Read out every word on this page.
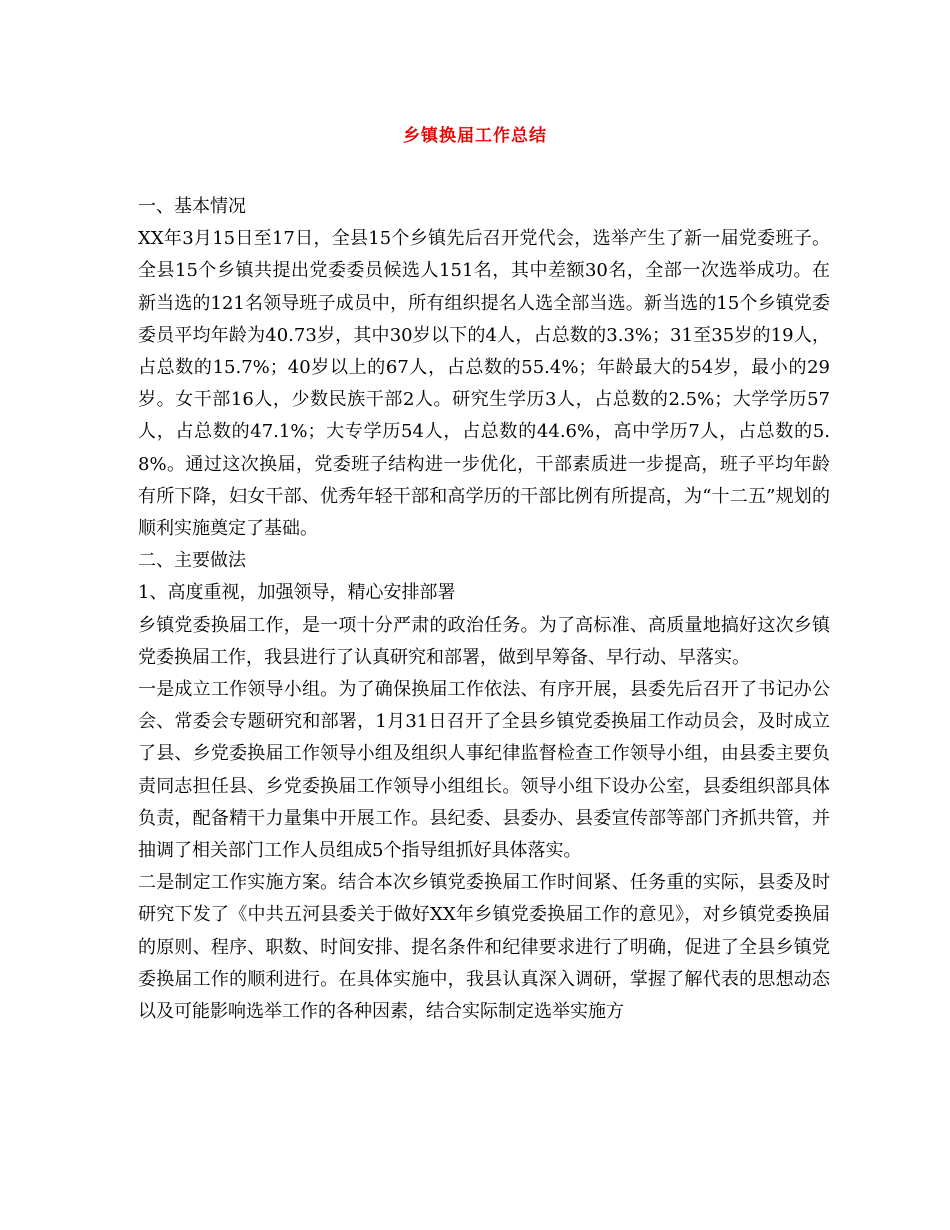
乡镇换届工作总结

一、基本情况

XX年3月15日至17日，全县15个乡镇先后召开党代会，选举产生了新一届党委班子。全县15个乡镇共提出党委委员候选人151名，其中差额30名，全部一次选举成功。在新当选的121名领导班子成员中，所有组织提名人选全部当选。新当选的15个乡镇党委委员平均年龄为40.73岁，其中30岁以下的4人，占总数的3.3%；31至35岁的19人，占总数的15.7%；40岁以上的67人，占总数的55.4%；年龄最大的54岁，最小的29岁。女干部16人，少数民族干部2人。研究生学历3人，占总数的2.5%；大学学历57人，占总数的47.1%；大专学历54人，占总数的44.6%，高中学历7人，占总数的5.8%。通过这次换届，党委班子结构进一步优化，干部素质进一步提高，班子平均年龄有所下降，妇女干部、优秀年轻干部和高学历的干部比例有所提高，为“十二五”规划的顺利实施奠定了基础。

二、主要做法

1、高度重视，加强领导，精心安排部署

乡镇党委换届工作，是一项十分严肃的政治任务。为了高标准、高质量地搞好这次乡镇党委换届工作，我县进行了认真研究和部署，做到早筹备、早行动、早落实。

一是成立工作领导小组。为了确保换届工作依法、有序开展，县委先后召开了书记办公会、常委会专题研究和部署，1月31日召开了全县乡镇党委换届工作动员会，及时成立了县、乡党委换届工作领导小组及组织人事纪律监督检查工作领导小组，由县委主要负责同志担任县、乡党委换届工作领导小组组长。领导小组下设办公室，县委组织部具体负责，配备精干力量集中开展工作。县纪委、县委办、县委宣传部等部门齐抓共管，并抽调了相关部门工作人员组成5个指导组抓好具体落实。

二是制定工作实施方案。结合本次乡镇党委换届工作时间紧、任务重的实际，县委及时研究下发了《中共五河县委关于做好XX年乡镇党委换届工作的意见》，对乡镇党委换届的原则、程序、职数、时间安排、提名条件和纪律要求进行了明确，促进了全县乡镇党委换届工作的顺利进行。在具体实施中，我县认真深入调研，掌握了解代表的思想动态以及可能影响选举工作的各种因素，结合实际制定选举实施方
